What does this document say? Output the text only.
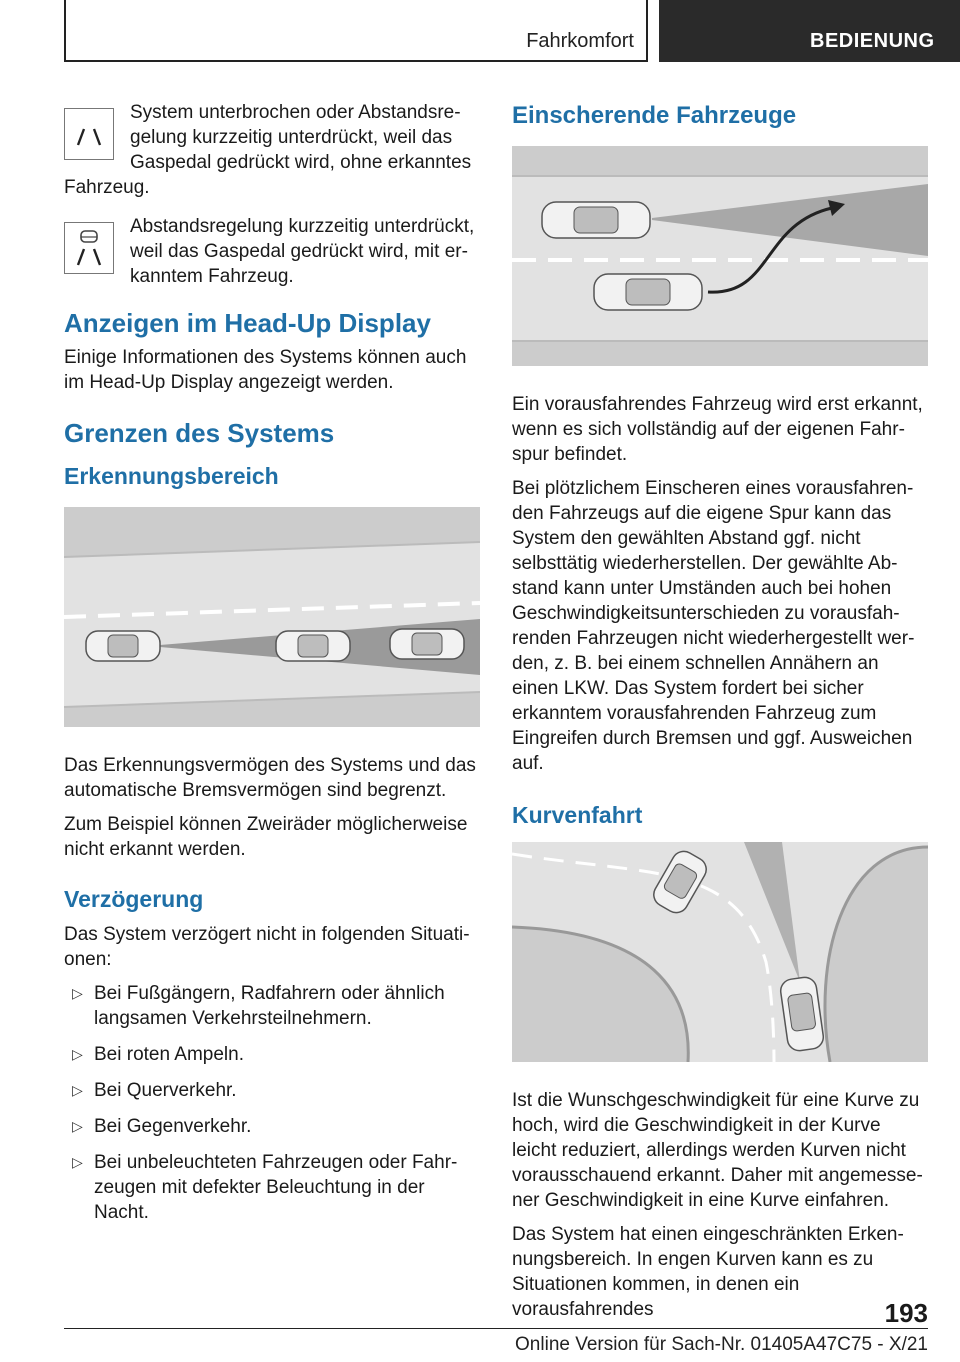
Fahrkomfort	BEDIENUNG

System unterbrochen oder Abstandsregelung kurzzeitig unterdrückt, weil das Gaspedal gedrückt wird, ohne erkanntes Fahrzeug.

Abstandsregelung kurzzeitig unterdrückt, weil das Gaspedal gedrückt wird, mit erkanntem Fahrzeug.

Anzeigen im Head-Up Display

Einige Informationen des Systems können auch im Head-Up Display angezeigt werden.

Grenzen des Systems
Erkennungsbereich

Das Erkennungsvermögen des Systems und das automatische Bremsvermögen sind begrenzt.

Zum Beispiel können Zweiräder möglicherweise nicht erkannt werden.

Verzögerung

Das System verzögert nicht in folgenden Situationen:

▷ Bei Fußgängern, Radfahrern oder ähnlich langsamen Verkehrsteilnehmern.
▷ Bei roten Ampeln.
▷ Bei Querverkehr.
▷ Bei Gegenverkehr.
▷ Bei unbeleuchteten Fahrzeugen oder Fahrzeugen mit defekter Beleuchtung in der Nacht.
Einscherende Fahrzeuge

Ein vorausfahrendes Fahrzeug wird erst erkannt, wenn es sich vollständig auf der eigenen Fahrspur befindet.

Bei plötzlichem Einscheren eines vorausfahrenden Fahrzeugs auf die eigene Spur kann das System den gewählten Abstand ggf. nicht selbsttätig wiederherstellen. Der gewählte Abstand kann unter Umständen auch bei hohen Geschwindigkeitsunterschieden zu vorausfahrenden Fahrzeugen nicht wiederhergestellt werden, z. B. bei einem schnellen Annähern an einen LKW. Das System fordert bei sicher erkanntem vorausfahrenden Fahrzeug zum Eingreifen durch Bremsen und ggf. Ausweichen auf.

Kurvenfahrt

Ist die Wunschgeschwindigkeit für eine Kurve zu hoch, wird die Geschwindigkeit in der Kurve leicht reduziert, allerdings werden Kurven nicht vorausschauend erkannt. Daher mit angemessener Geschwindigkeit in eine Kurve einfahren.

Das System hat einen eingeschränkten Erkennungsbereich. In engen Kurven kann es zu Situationen kommen, in denen ein vorausfahrendes	193
Online Version für Sach-Nr. 01405A47C75 - X/21
